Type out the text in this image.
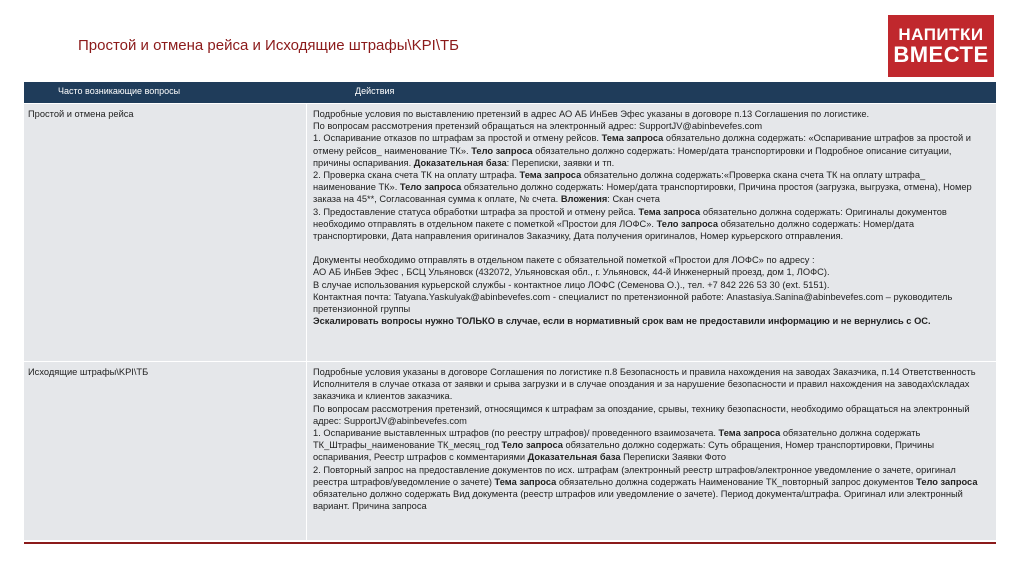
Простой и отмена рейса и Исходящие штрафы\KPI\ТБ
НАПИТКИ
ВМЕСТЕ
Часто возникающие вопросы	Действия
Простой и отмена рейса	Подробные условия по выставлению претензий в адрес АО АБ ИнБев Эфес указаны в договоре п.13 Соглашения по логистике.

По вопросам рассмотрения претензий обращаться на электронный адрес: SupportJV@abinbevefes.com

1. Оспаривание отказов по штрафам за простой и отмену рейсов. Тема запроса обязательно должна содержать: «Оспаривание штрафов за простой и отмену рейсов_ наименование ТК». Тело запроса обязательно должно содержать: Номер/дата транспортировки и Подробное описание ситуации, причины оспаривания. Доказательная база: Переписки, заявки и тп.

2. Проверка скана счета ТК на оплату штрафа. Тема запроса обязательно должна содержать:«Проверка скана счета ТК на оплату штрафа_ наименование ТК». Тело запроса обязательно должно содержать: Номер/дата транспортировки, Причина простоя (загрузка, выгрузка, отмена), Номер заказа на 45**, Согласованная сумма к оплате, № счета. Вложения: Скан счета

3. Предоставление статуса обработки штрафа за простой и отмену рейса. Тема запроса обязательно должна содержать: Оригиналы документов необходимо отправлять в отдельном пакете с пометкой «Простои для ЛОФС». Тело запроса обязательно должно содержать: Номер/дата транспортировки, Дата направления оригиналов Заказчику, Дата получения оригиналов, Номер курьерского отправления.

Документы необходимо отправлять в отдельном пакете с обязательной пометкой «Простои для ЛОФС» по адресу :

АО АБ ИнБев Эфес , БСЦ Ульяновск (432072, Ульяновская обл., г. Ульяновск, 44-й Инженерный проезд, дом 1, ЛОФС).

В случае использования курьерской службы - контактное лицо ЛОФС (Семенова О.)., тел. +7 842 226 53 30 (ext. 5151).

Контактная почта: Tatyana.Yaskulyak@abinbevefes.com - специалист по претензионной работе: Anastasiya.Sanina@abinbevefes.com – руководитель претензионной группы

Эскалировать вопросы нужно ТОЛЬКО в случае, если в нормативный срок вам не предоставили информацию и не вернулись с ОС.

Исходящие штрафы\KPI\ТБ	Подробные условия указаны в договоре Соглашения по логистике п.8 Безопасность и правила нахождения на заводах Заказчика, п.14 Ответственность Исполнителя в случае отказа от заявки и срыва загрузки и в случае опоздания и за нарушение безопасности и правил нахождения на заводах\складах заказчика и клиентов заказчика.

По вопросам рассмотрения претензий, относящимся к штрафам за опоздание, срывы, технику безопасности, необходимо обращаться на электронный адрес: SupportJV@abinbevefes.com

1. Оспаривание выставленных штрафов (по реестру штрафов)/ проведенного взаимозачета. Тема запроса обязательно должна содержать ТК_Штрафы_наименование ТК_месяц_год Тело запроса обязательно должно содержать: Суть обращения, Номер транспортировки, Причины оспаривания, Реестр штрафов с комментариями Доказательная база Переписки Заявки Фото

2. Повторный запрос на предоставление документов по исх. штрафам (электронный реестр штрафов/электронное уведомление о зачете, оригинал реестра штрафов/уведомление о зачете) Тема запроса обязательно должна содержать Наименование ТК_повторный запрос документов Тело запроса обязательно должно содержать Вид документа (реестр штрафов или уведомление о зачете). Период документа/штрафа. Оригинал или электронный вариант. Причина запроса
